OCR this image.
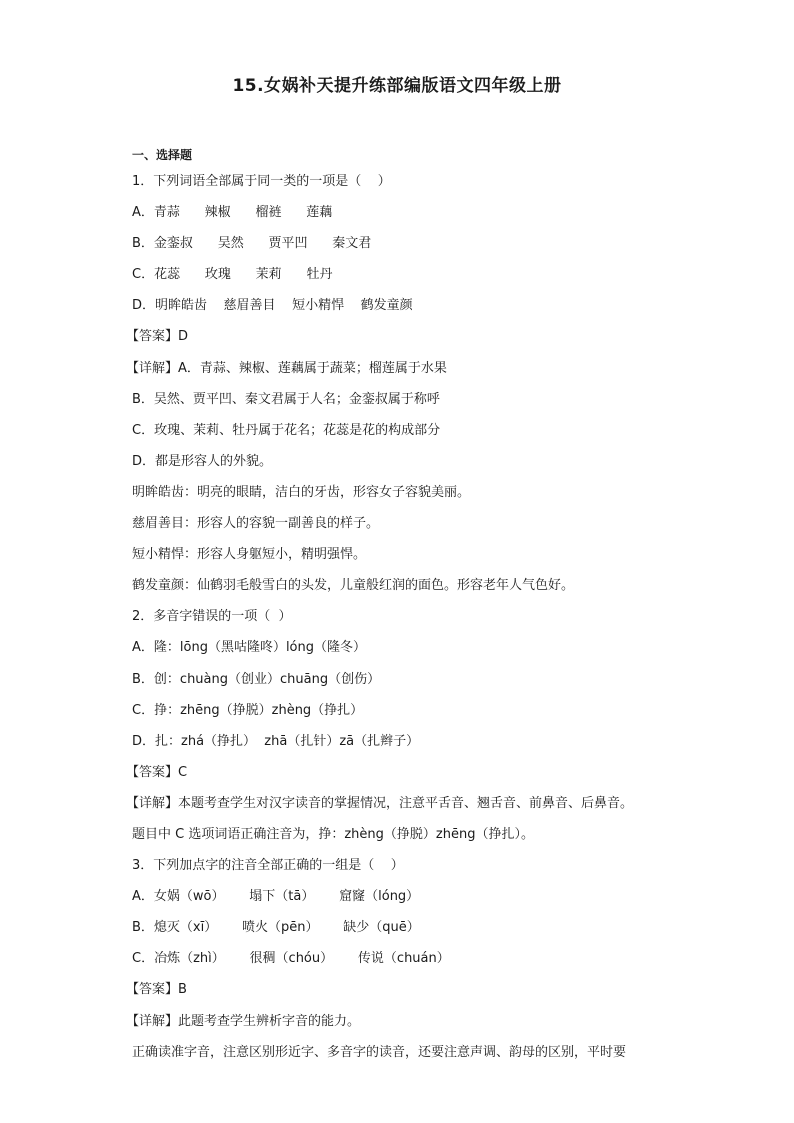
15.女娲补天提升练部编版语文四年级上册
一、选择题
1．下列词语全部属于同一类的一项是（    ）
A．青蒜      辣椒      榴裢      莲藕
B．金銮叔      吴然      贾平凹      秦文君
C．花蕊      玫瑰      茉莉      牡丹
D．明眸皓齿    慈眉善目    短小精悍    鹤发童颜
【答案】D
【详解】A．青蒜、辣椒、莲藕属于蔬菜；榴莲属于水果
B．吴然、贾平凹、秦文君属于人名；金銮叔属于称呼
C．玫瑰、茉莉、牡丹属于花名；花蕊是花的构成部分
D．都是形容人的外貌。
明眸皓齿：明亮的眼睛，洁白的牙齿，形容女子容貌美丽。
慈眉善目：形容人的容貌一副善良的样子。
短小精悍：形容人身躯短小，精明强悍。
鹤发童颜：仙鹤羽毛般雪白的头发，儿童般红润的面色。形容老年人气色好。
2．多音字错误的一项（  ）
A．隆：lōng（黑咕隆咚）lóng（隆冬）
B．创：chuàng（创业）chuāng（创伤）
C．挣：zhēng（挣脱）zhèng（挣扎）
D．扎：zhá（挣扎）  zhā（扎针）zā（扎辫子）
【答案】C
【详解】本题考查学生对汉字读音的掌握情况，注意平舌音、翘舌音、前鼻音、后鼻音。
题目中 C 选项词语正确注音为，挣：zhèng（挣脱）zhēng（挣扎）。
3．下列加点字的注音全部正确的一组是（    ）
A．女娲（wō）      塌下（tā）      窟窿（lóng）
B．熄灭（xī）      喷火（pēn）      缺少（quē）
C．冶炼（zhì）      很稠（chóu）      传说（chuán）
【答案】B
【详解】此题考查学生辨析字音的能力。
正确读准字音，注意区别形近字、多音字的读音，还要注意声调、韵母的区别，平时要
